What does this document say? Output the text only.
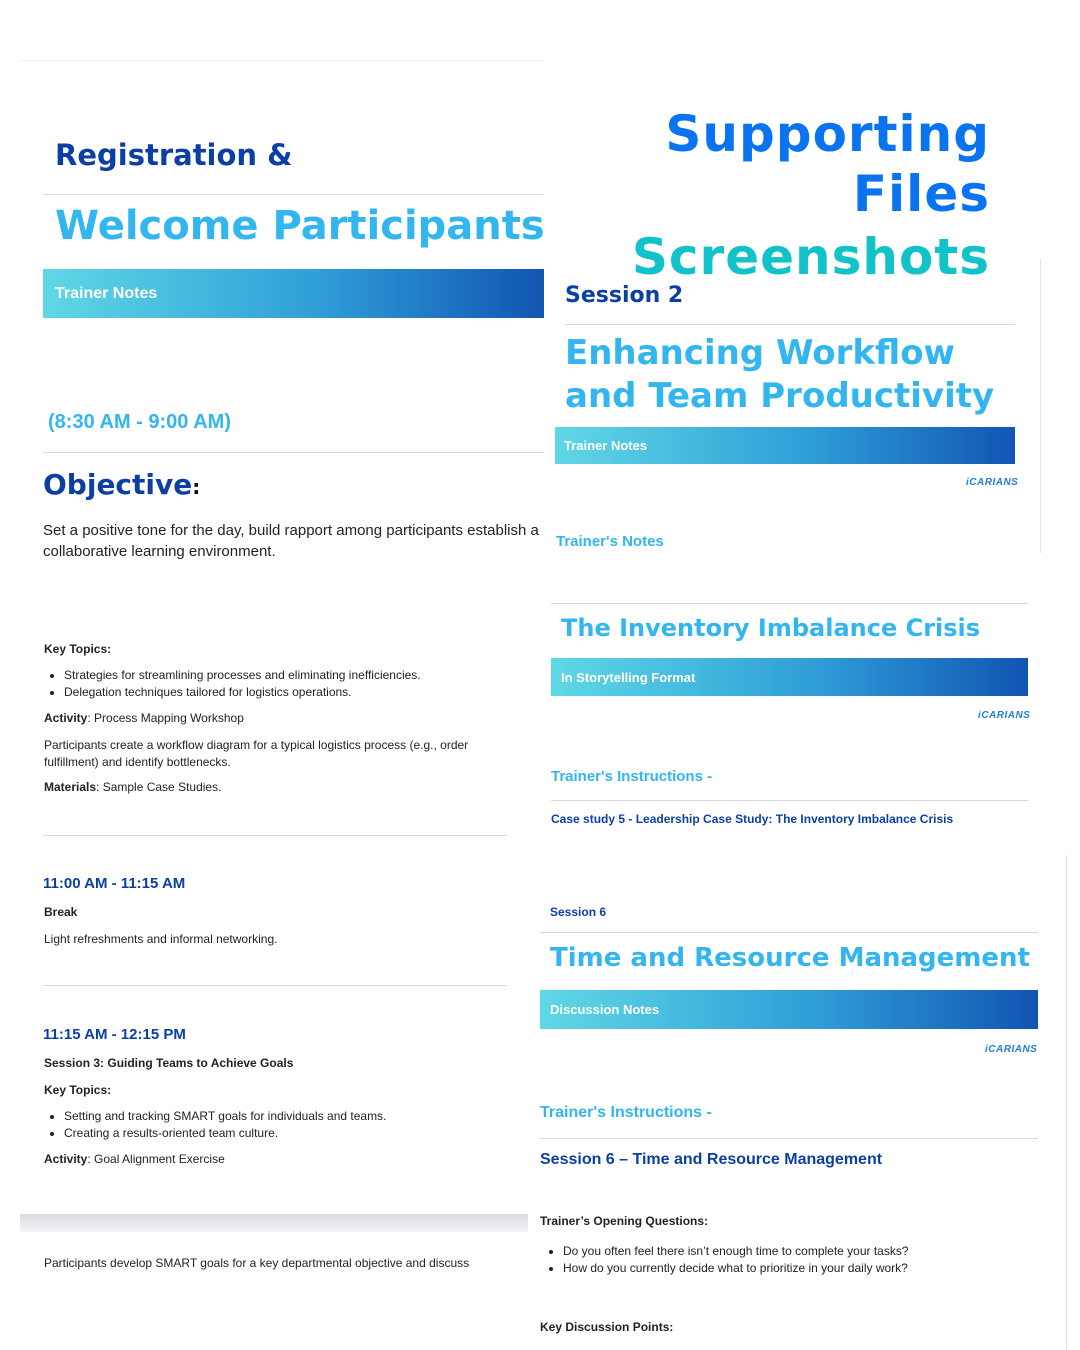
Supporting Files
Screenshots
Registration &
Welcome Participants
Trainer Notes
(8:30 AM - 9:00 AM)
Objective:
Set a positive tone for the day, build rapport among participants establish a collaborative learning environment.
Key Topics:
• Strategies for streamlining processes and eliminating inefficiencies.
• Delegation techniques tailored for logistics operations.
Activity: Process Mapping Workshop
Participants create a workflow diagram for a typical logistics process (e.g., order fulfillment) and identify bottlenecks.
Materials: Sample Case Studies.
11:00 AM - 11:15 AM
Break
Light refreshments and informal networking.
11:15 AM - 12:15 PM
Session 3: Guiding Teams to Achieve Goals
Key Topics:
• Setting and tracking SMART goals for individuals and teams.
• Creating a results-oriented team culture.
Activity: Goal Alignment Exercise
Participants develop SMART goals for a key departmental objective and discuss
Session 2
Enhancing Workflow
and Team Productivity
Trainer Notes
iCARIANS
Trainer's Notes
The Inventory Imbalance Crisis
In Storytelling Format
iCARIANS
Trainer's Instructions -
Case study 5 - Leadership Case Study: The Inventory Imbalance Crisis
Session 6
Time and Resource Management
Discussion Notes
iCARIANS
Trainer's Instructions -
Session 6 – Time and Resource Management
Trainer’s Opening Questions:
• Do you often feel there isn’t enough time to complete your tasks?
• How do you currently decide what to prioritize in your daily work?
Key Discussion Points:
